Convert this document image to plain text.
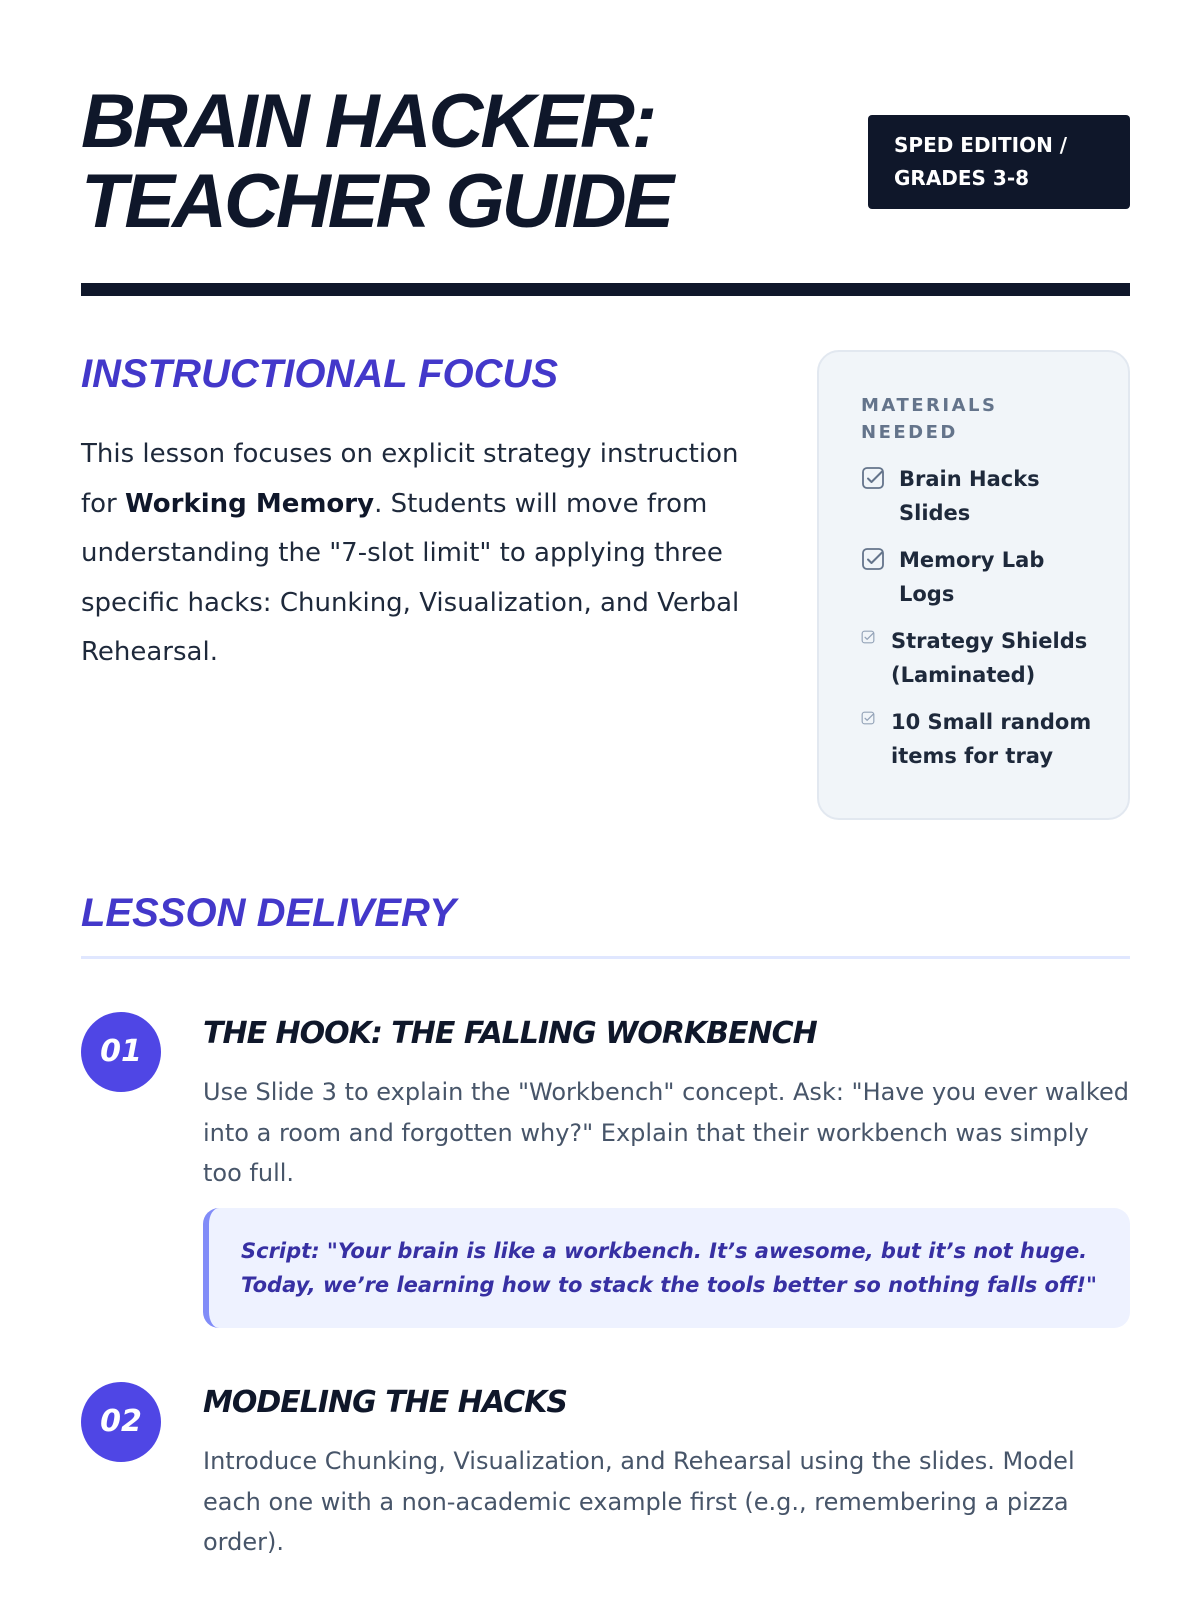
BRAIN HACKER:
TEACHER GUIDE
SPED EDITION /
GRADES 3-8
INSTRUCTIONAL FOCUS
This lesson focuses on explicit strategy instruction for Working Memory. Students will move from understanding the "7-slot limit" to applying three specific hacks: Chunking, Visualization, and Verbal Rehearsal.
MATERIALS NEEDED
Brain Hacks Slides
Memory Lab Logs
Strategy Shields (Laminated)
10 Small random items for tray
LESSON DELIVERY
01
THE HOOK: THE FALLING WORKBENCH
Use Slide 3 to explain the "Workbench" concept. Ask: "Have you ever walked into a room and forgotten why?" Explain that their workbench was simply too full.
Script: "Your brain is like a workbench. It’s awesome, but it’s not huge. Today, we’re learning how to stack the tools better so nothing falls off!"
02
MODELING THE HACKS
Introduce Chunking, Visualization, and Rehearsal using the slides. Model each one with a non-academic example first (e.g., remembering a pizza order).
